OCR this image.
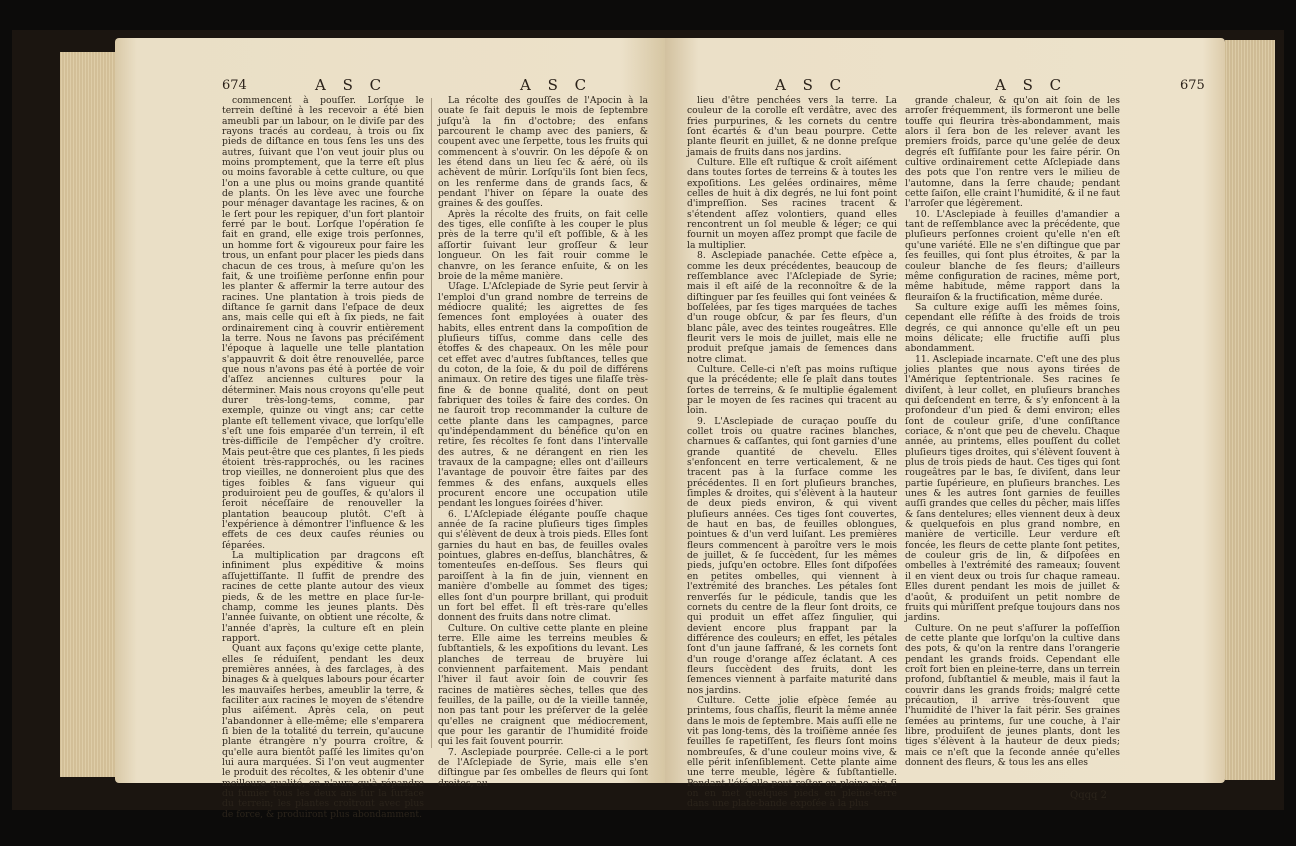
674	A S C	A S C

commencent à pouſſer. Lorſque le terrein deſtiné à les recevoir a été bien ameubli par un labour, on le diviſe par des rayons tracés au cordeau, à trois ou ſix pieds de diſtance en tous ſens les uns des autres, ſuivant que l'on veut jouir plus ou moins promptement, que la terre eſt plus ou moins favorable à cette culture, ou que l'on a une plus ou moins grande quantité de plants. On les lève avec une fourche pour ménager davantage les racines, & on le ſert pour les repiquer, d'un fort plantoir ferré par le bout. Lorſque l'opération ſe fait en grand, elle exige trois perſonnes, un homme fort & vigoureux pour faire les trous, un enfant pour placer les pieds dans chacun de ces trous, à meſure qu'on les fait, & une troiſième perſonne enfin pour les planter & affermir la terre autour des racines. Une plantation à trois pieds de diſtance ſe garnit dans l'eſpace de deux ans, mais celle qui eſt à ſix pieds, ne fait ordinairement cinq à couvrir entièrement la terre. Nous ne ſavons pas préciſément l'époque à laquelle une telle plantation s'appauvrit & doit être renouvellée, parce que nous n'avons pas été à portée de voir d'aſſez anciennes cultures pour la déterminer. Mais nous croyons qu'elle peut durer très-long-tems, comme, par exemple, quinze ou vingt ans; car cette plante eſt tellement vivace, que lorſqu'elle s'eſt une fois emparée d'un terrein, il eſt très-difficile de l'empêcher d'y croître. Mais peut-être que ces plantes, ſi les pieds étoient très-rapprochés, ou les racines trop vieilles, ne donneroient plus que des tiges foibles & ſans vigueur qui produiroient peu de gouſſes, & qu'alors il ſeroit néceſſaire de renouveller la plantation beaucoup plutôt. C'eſt à l'expérience à démontrer l'influence & les effets de ces deux cauſes réunies ou ſéparées.

La multiplication par dragcons eſt infiniment plus expéditive & moins aſſujettiſſante. Il ſuffit de prendre des racines de cette plante autour des vieux pieds, & de les mettre en place ſur-le-champ, comme les jeunes plants. Dès l'année ſuivante, on obtient une récolte, & l'année d'après, la culture eſt en plein rapport.

Quant aux façons qu'exige cette plante, elles ſe réduiſent, pendant les deux premières années, à des farclages, à des binages & à quelques labours pour écarter les mauvaiſes herbes, ameublir la terre, & faciliter aux racines le moyen de s'étendre plus aiſément. Après cela, on peut l'abandonner à elle-même; elle s'emparera ſi bien de la totalité du terrein, qu'aucune plante étrangère n'y pourra croître, & qu'elle aura bientôt paſſé les limites qu'on lui aura marquées. Si l'on veut augmenter le produit des récoltes, & les obtenir d'une meilleure qualité, on n'aura qu'à répandre du fumier tous les deux ans ſur la ſurface du terrein; les plantes croîtront avec plus de force, & produiront plus abondamment.

La récolte des gouſſes de l'Apocin à la ouate ſe fait depuis le mois de ſeptembre juſqu'à la fin d'octobre; des enfans parcourent le champ avec des paniers, & coupent avec une ſerpette, tous les fruits qui commencent à s'ouvrir. On les dépoſe & on les étend dans un lieu ſec & aéré, où ils achèvent de mûrir. Lorſqu'ils ſont bien ſecs, on les renferme dans de grands ſacs, & pendant l'hiver on ſépare la ouate des graines & des gouſſes.

Après la récolte des fruits, on fait celle des tiges, elle conſiſte à les couper le plus près de la terre qu'il eſt poſſible, & à les aſſortir ſuivant leur groſſeur & leur longueur. On les fait rouir comme le chanvre, on les ſerance enſuite, & on les broie de la même manière.

Uſage. L'Aſclepiade de Syrie peut ſervir à l'emploi d'un grand nombre de terreins de médiocre qualité; les aigrettes de ſes ſemences ſont employées à ouater des habits, elles entrent dans la compoſition de pluſieurs tiſſus, comme dans celle des étoffes & des chapeaux. On les mêle pour cet effet avec d'autres ſubſtances, telles que du coton, de la ſoie, & du poil de différens animaux. On retire des tiges une filaſſe très-fine & de bonne qualité, dont on peut fabriquer des toiles & faire des cordes. On ne ſauroit trop recommander la culture de cette plante dans les campagnes, parce qu'indépendamment du bénéfice qu'on en retire, ſes récoltes ſe font dans l'intervalle des autres, & ne dérangent en rien les travaux de la campagne; elles ont d'ailleurs l'avantage de pouvoir être faites par des femmes & des enfans, auxquels elles procurent encore une occupation utile pendant les longues ſoirées d'hiver.

6. L'Aſclepiade élégante pouſſe chaque année de ſa racine pluſieurs tiges ſimples qui s'élèvent de deux à trois pieds. Elles ſont garnies du haut en bas, de feuilles ovales pointues, glabres en-deſſus, blanchâtres, & tomenteuſes en-deſſous. Ses fleurs qui paroiſſent à la fin de juin, viennent en manière d'ombelle au ſommet des tiges; elles ſont d'un pourpre brillant, qui produit un fort bel effet. Il eſt très-rare qu'elles donnent des fruits dans notre climat.

Culture. On cultive cette plante en pleine terre. Elle aime les terreins meubles & ſubſtantiels, & les expoſitions du levant. Les planches de terreau de bruyère lui conviennent parfaitement. Mais pendant l'hiver il faut avoir ſoin de couvrir ſes racines de matières sèches, telles que des feuilles, de la paille, ou de la vieille tannée, non pas tant pour les préſerver de la gelée qu'elles ne craignent que médiocrement, que pour les garantir de l'humidité froide qui les fait ſouvent pourrir.

7. Asclepiade pourprée. Celle-ci a le port de l'Aſclepiade de Syrie, mais elle s'en diſtingue par ſes ombelles de fleurs qui ſont droites, au

A S C	A S C	675

lieu d'être penchées vers la terre. La couleur de la corolle eſt verdâtre, avec des fries purpurines, & les cornets du centre ſont écartés & d'un beau pourpre. Cette plante fleurit en juillet, & ne donne preſque jamais de fruits dans nos jardins.

Culture. Elle eſt ruſtique & croît aiſément dans toutes ſortes de terreins & à toutes les expoſitions. Les gelées ordinaires, même celles de huit à dix degrés, ne lui font point d'impreſſion. Ses racines tracent & s'étendent aſſez volontiers, quand elles rencontrent un ſol meuble & léger; ce qui fournit un moyen aſſez prompt que facile de la multiplier.

8. Asclepiade panachée. Cette eſpèce a, comme les deux précédentes, beaucoup de reſſemblance avec l'Aſclepiade de Syrie; mais il eſt aiſé de la reconnoître & de la diſtinguer par ſes feuilles qui ſont veinées & boſſelées, par ſes tiges marquées de taches d'un rouge obſcur, & par ſes fleurs, d'un blanc pâle, avec des teintes rougeâtres. Elle fleurit vers le mois de juillet, mais elle ne produit preſque jamais de ſemences dans notre climat.

Culture. Celle-ci n'eſt pas moins ruſtique que la précédente; elle ſe plaît dans toutes ſortes de terreins, & ſe multiplie également par le moyen de ſes racines qui tracent au loin.

9. L'Asclepiade de curaçao pouſſe du collet trois ou quatre racines blanches, charnues & caſſantes, qui ſont garnies d'une grande quantité de chevelu. Elles s'enfoncent en terre verticalement, & ne tracent pas à la ſurface comme les précédentes. Il en ſort pluſieurs branches, ſimples & droites, qui s'élèvent à la hauteur de deux pieds environ, & qui vivent pluſieurs années. Ces tiges ſont couvertes, de haut en bas, de feuilles oblongues, pointues & d'un verd luiſant. Les premières fleurs commencent à paroître vers le mois de juillet, & ſe ſuccèdent, ſur les mêmes pieds, juſqu'en octobre. Elles ſont diſpoſées en petites ombelles, qui viennent à l'extrémité des branches. Les pétales ſont renverſés ſur le pédicule, tandis que les cornets du centre de la fleur ſont droits, ce qui produit un effet aſſez ſingulier, qui devient encore plus frappant par la différence des couleurs; en effet, les pétales ſont d'un jaune ſaffrané, & les cornets ſont d'un rouge d'orange aſſez éclatant. A ces fleurs ſuccèdent des fruits, dont les ſemences viennent à parfaite maturité dans nos jardins.

Culture. Cette jolie eſpèce ſemée au printems, ſous chaſſis, fleurit la même année dans le mois de ſeptembre. Mais auſſi elle ne vit pas long-tems, dès la troiſième année ſes feuilles ſe rapetiſſent, ſes fleurs ſont moins nombreuſes, & d'une couleur moins vive, & elle périt inſenſiblement. Cette plante aime une terre meuble, légère & ſubſtantielle. Pendant l'été elle peut reſter en pleine air; ſi on en met quelques pieds en pleine-terre dans une plate-bande expoſée à la plus

grande chaleur, & qu'on ait ſoin de les arroſer fréquemment, ils formeront une belle touffe qui fleurira très-abondamment, mais alors il ſera bon de les relever avant les premiers froids, parce qu'une gelée de deux degrés eſt ſuffiſante pour les faire périr. On cultive ordinairement cette Aſclepiade dans des pots que l'on rentre vers le milieu de l'automne, dans la ſerre chaude; pendant cette ſaiſon, elle craint l'humidité, & il ne faut l'arroſer que légèrement.

10. L'Asclepiade à feuilles d'amandier a tant de reſſemblance avec la précédente, que pluſieurs perſonnes croient qu'elle n'en eſt qu'une variété. Elle ne s'en diſtingue que par ſes feuilles, qui ſont plus étroites, & par la couleur blanche de ſes fleurs; d'ailleurs même configuration de racines, même port, même habitude, même rapport dans la fleuraiſon & la fructification, même durée.

Sa culture exige auſſi les mêmes ſoins, cependant elle réſiſte à des froids de trois degrés, ce qui annonce qu'elle eſt un peu moins délicate; elle fructifie auſſi plus abondamment.

11. Asclepiade incarnate. C'eſt une des plus jolies plantes que nous ayons tirées de l'Amérique ſeptentrionale. Ses racines ſe diviſent, à leur collet, en pluſieurs branches qui deſcendent en terre, & s'y enfoncent à la profondeur d'un pied & demi environ; elles ſont de couleur griſe, d'une conſiſtance coriace, & n'ont que peu de chevelu. Chaque année, au printems, elles pouſſent du collet pluſieurs tiges droites, qui s'élèvent ſouvent à plus de trois pieds de haut. Ces tiges qui ſont rougeâtres par le bas, ſe diviſent, dans leur partie ſupérieure, en pluſieurs branches. Les unes & les autres ſont garnies de feuilles auſſi grandes que celles du pêcher, mais liſſes & ſans dentelures; elles viennent deux à deux & quelquefois en plus grand nombre, en manière de verticille. Leur verdure eſt foncée, les fleurs de cette plante ſont petites, de couleur gris de lin, & diſpoſées en ombelles à l'extrémité des rameaux; ſouvent il en vient deux ou trois ſur chaque rameau. Elles durent pendant les mois de juillet & d'août, & produiſent un petit nombre de fruits qui mûriſſent preſque toujours dans nos jardins.

Culture. On ne peut s'aſſurer la poſſeſſion de cette plante que lorſqu'on la cultive dans des pots, & qu'on la rentre dans l'orangerie pendant les grands froids. Cependant elle croît fort bien en pleine-terre, dans un terrein profond, ſubſtantiel & meuble, mais il faut la couvrir dans les grands froids; malgré cette précaution, il arrive très-ſouvent que l'humidité de l'hiver la fait périr. Ses graines ſemées au printems, ſur une couche, à l'air libre, produiſent de jeunes plants, dont les tiges s'élèvent à la hauteur de deux pieds; mais ce n'eſt que la ſeconde année qu'elles donnent des fleurs, & tous les ans elles

Qqqq 2
